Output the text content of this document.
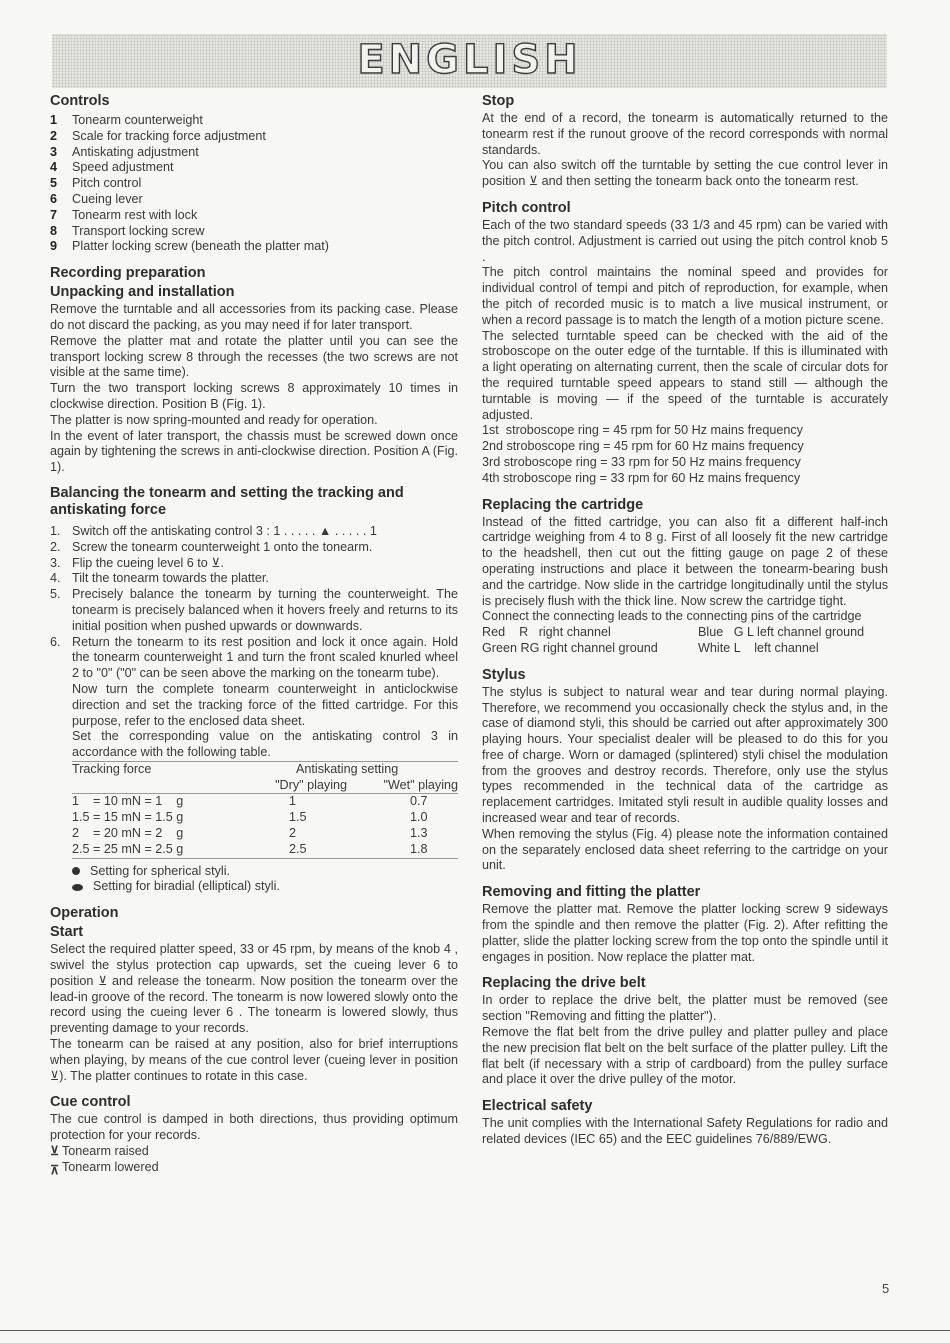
ENGLISH
Controls
1	Tonearm counterweight
2	Scale for tracking force adjustment
3	Antiskating adjustment
4	Speed adjustment
5	Pitch control
6	Cueing lever
7	Tonearm rest with lock
8	Transport locking screw
9	Platter locking screw (beneath the platter mat)
Recording preparation
Unpacking and installation

Remove the turntable and all accessories from its packing case. Please do not discard the packing, as you may need if for later transport.

Remove the platter mat and rotate the platter until you can see the transport locking screw 8 through the recesses (the two screws are not visible at the same time).

Turn the two transport locking screws 8 approximately 10 times in clockwise direction. Position B (Fig. 1).

The platter is now spring-mounted and ready for operation.

In the event of later transport, the chassis must be screwed down once again by tightening the screws in anti-clockwise direction. Position A (Fig. 1).

Balancing the tonearm and setting the tracking and antiskating force
1. Switch off the antiskating control 3 : 1 . . . . . ▲ . . . . . 1
2. Screw the tonearm counterweight 1 onto the tonearm.
3. Flip the cueing level 6 to ⊻.
4. Tilt the tonearm towards the platter.
5. Precisely balance the tonearm by turning the counterweight. The tonearm is precisely balanced when it hovers freely and returns to its initial position when pushed upwards or downwards.
6. Return the tonearm to its rest position and lock it once again. Hold the tonearm counterweight 1 and turn the front scaled knurled wheel 2 to "0" ("0" can be seen above the marking on the tonearm tube).

Now turn the complete tonearm counterweight in anticlockwise direction and set the tracking force of the fitted cartridge. For this purpose, refer to the enclosed data sheet.

Set the corresponding value on the antiskating control 3 in accordance with the following table.

Tracking force	Antiskating setting	
	"Dry" playing	"Wet" playing
1    = 10 mN = 1    g	1	0.7
1.5 = 15 mN = 1.5 g	1.5	1.0
2    = 20 mN = 2    g	2	1.3
2.5 = 25 mN = 2.5 g	2.5	1.8
Setting for spherical styli.
Setting for biradial (elliptical) styli.
Operation
Start

Select the required platter speed, 33 or 45 rpm, by means of the knob 4 , swivel the stylus protection cap upwards, set the cueing lever 6 to position ⊻ and release the tonearm. Now position the tonearm over the lead-in groove of the record. The tonearm is now lowered slowly onto the record using the cueing lever 6 . The tonearm is lowered slowly, thus preventing damage to your records.

The tonearm can be raised at any position, also for brief interruptions when playing, by means of the cue control lever (cueing lever in position ⊻). The platter continues to rotate in this case.

Cue control

The cue control is damped in both directions, thus providing optimum protection for your records.

⊻ Tonearm raised
⊻ Tonearm lowered
Stop

At the end of a record, the tonearm is automatically returned to the tonearm rest if the runout groove of the record corresponds with normal standards.

You can also switch off the turntable by setting the cue control lever in position ⊻ and then setting the tonearm back onto the tonearm rest.

Pitch control

Each of the two standard speeds (33 1/3 and 45 rpm) can be varied with the pitch control. Adjustment is carried out using the pitch control knob 5 .

The pitch control maintains the nominal speed and provides for individual control of tempi and pitch of reproduction, for example, when the pitch of recorded music is to match a live musical instrument, or when a record passage is to match the length of a motion picture scene.

The selected turntable speed can be checked with the aid of the stroboscope on the outer edge of the turntable. If this is illuminated with a light operating on alternating current, then the scale of circular dots for the required turntable speed appears to stand still — although the turntable is moving — if the speed of the turntable is accurately adjusted.

1st  stroboscope ring = 45 rpm for 50 Hz mains frequency
2nd stroboscope ring = 45 rpm for 60 Hz mains frequency
3rd stroboscope ring = 33 rpm for 50 Hz mains frequency
4th stroboscope ring = 33 rpm for 60 Hz mains frequency
Replacing the cartridge

Instead of the fitted cartridge, you can also fit a different half-inch cartridge weighing from 4 to 8 g. First of all loosely fit the new cartridge to the headshell, then cut out the fitting gauge on page 2 of these operating instructions and place it between the tonearm-bearing bush and the cartridge. Now slide in the cartridge longitudinally until the stylus is precisely flush with the thick line. Now screw the cartridge tight.

Connect the connecting leads to the connecting pins of the cartridge

Red    R   right channel	Blue   G L left channel ground
Green RG right channel ground	White L    left channel
Stylus

The stylus is subject to natural wear and tear during normal playing. Therefore, we recommend you occasionally check the stylus and, in the case of diamond styli, this should be carried out after approximately 300 playing hours. Your specialist dealer will be pleased to do this for you free of charge. Worn or damaged (splintered) styli chisel the modulation from the grooves and destroy records. Therefore, only use the stylus types recommended in the technical data of the cartridge as replacement cartridges. Imitated styli result in audible quality losses and increased wear and tear of records.

When removing the stylus (Fig. 4) please note the information contained on the separately enclosed data sheet referring to the cartridge on your unit.

Removing and fitting the platter

Remove the platter mat. Remove the platter locking screw 9 sideways from the spindle and then remove the platter (Fig. 2). After refitting the platter, slide the platter locking screw from the top onto the spindle until it engages in position. Now replace the platter mat.

Replacing the drive belt

In order to replace the drive belt, the platter must be removed (see section "Removing and fitting the platter").

Remove the flat belt from the drive pulley and platter pulley and place the new precision flat belt on the belt surface of the platter pulley. Lift the flat belt (if necessary with a strip of cardboard) from the pulley surface and place it over the drive pulley of the motor.

Electrical safety

The unit complies with the International Safety Regulations for radio and related devices (IEC 65) and the EEC guidelines 76/889/EWG.

5
